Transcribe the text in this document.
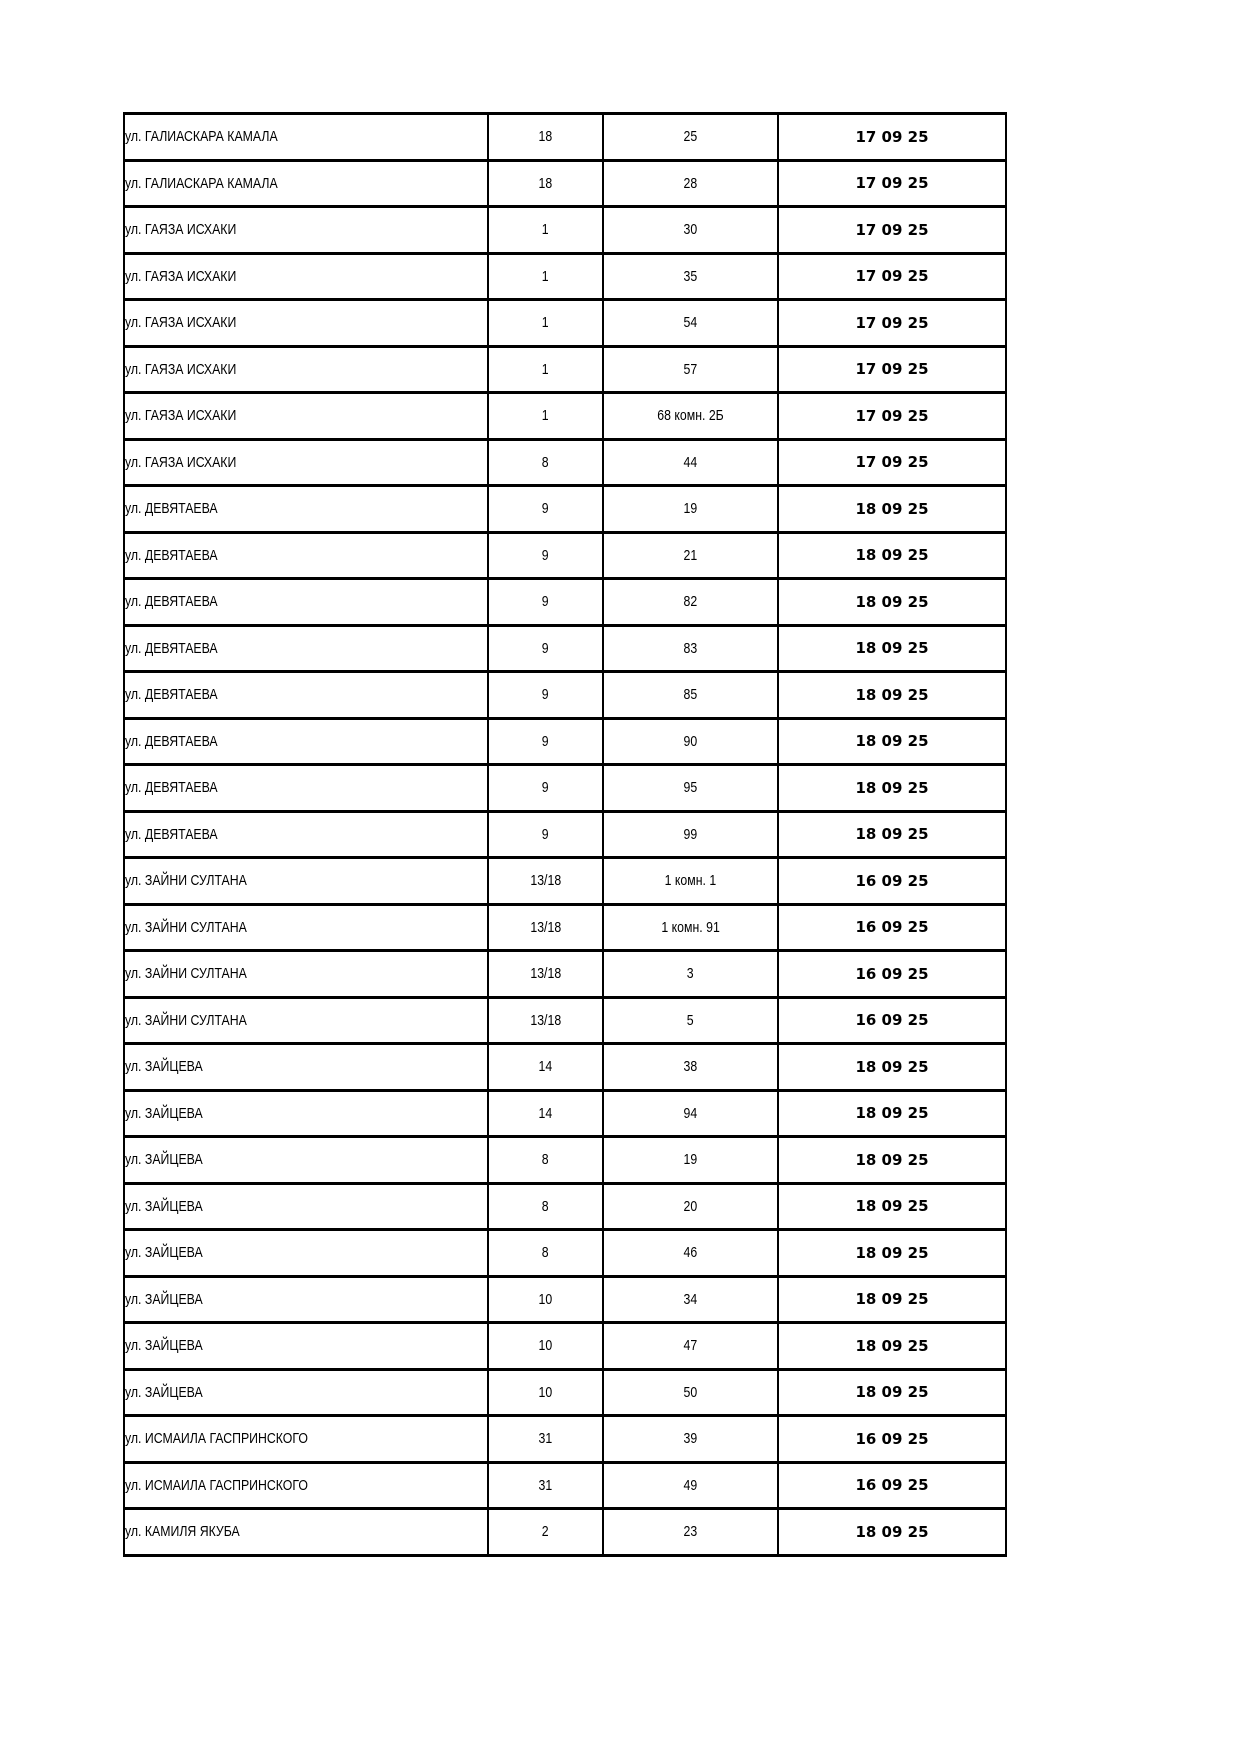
ул. ГАЛИАСКАРА КАМАЛА	18	25	17 09 25
ул. ГАЛИАСКАРА КАМАЛА	18	28	17 09 25
ул. ГАЯЗА ИСХАКИ	1	30	17 09 25
ул. ГАЯЗА ИСХАКИ	1	35	17 09 25
ул. ГАЯЗА ИСХАКИ	1	54	17 09 25
ул. ГАЯЗА ИСХАКИ	1	57	17 09 25
ул. ГАЯЗА ИСХАКИ	1	68 комн. 2Б	17 09 25
ул. ГАЯЗА ИСХАКИ	8	44	17 09 25
ул. ДЕВЯТАЕВА	9	19	18 09 25
ул. ДЕВЯТАЕВА	9	21	18 09 25
ул. ДЕВЯТАЕВА	9	82	18 09 25
ул. ДЕВЯТАЕВА	9	83	18 09 25
ул. ДЕВЯТАЕВА	9	85	18 09 25
ул. ДЕВЯТАЕВА	9	90	18 09 25
ул. ДЕВЯТАЕВА	9	95	18 09 25
ул. ДЕВЯТАЕВА	9	99	18 09 25
ул. ЗАЙНИ СУЛТАНА	13/18	1 комн. 1	16 09 25
ул. ЗАЙНИ СУЛТАНА	13/18	1 комн. 91	16 09 25
ул. ЗАЙНИ СУЛТАНА	13/18	3	16 09 25
ул. ЗАЙНИ СУЛТАНА	13/18	5	16 09 25
ул. ЗАЙЦЕВА	14	38	18 09 25
ул. ЗАЙЦЕВА	14	94	18 09 25
ул. ЗАЙЦЕВА	8	19	18 09 25
ул. ЗАЙЦЕВА	8	20	18 09 25
ул. ЗАЙЦЕВА	8	46	18 09 25
ул. ЗАЙЦЕВА	10	34	18 09 25
ул. ЗАЙЦЕВА	10	47	18 09 25
ул. ЗАЙЦЕВА	10	50	18 09 25
ул. ИСМАИЛА ГАСПРИНСКОГО	31	39	16 09 25
ул. ИСМАИЛА ГАСПРИНСКОГО	31	49	16 09 25
ул. КАМИЛЯ ЯКУБА	2	23	18 09 25
